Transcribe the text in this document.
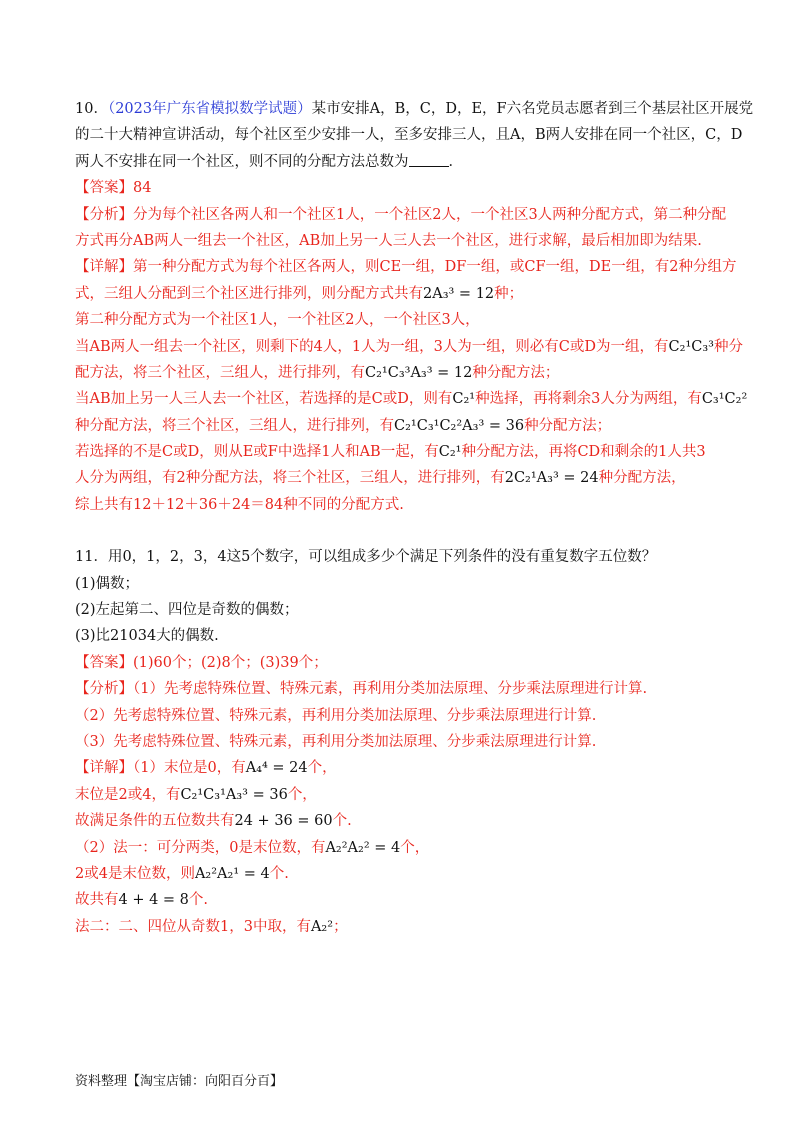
10．（2023年广东省模拟数学试题）某市安排A，B，C，D，E，F六名党员志愿者到三个基层社区开展党
的二十大精神宣讲活动，每个社区至少安排一人，至多安排三人，且A，B两人安排在同一个社区，C，D
两人不安排在同一个社区，则不同的分配方法总数为	．
【答案】84
【分析】分为每个社区各两人和一个社区1人，一个社区2人，一个社区3人两种分配方式，第二种分配
方式再分AB两人一组去一个社区，AB加上另一人三人去一个社区，进行求解，最后相加即为结果.
【详解】第一种分配方式为每个社区各两人，则CE一组，DF一组，或CF一组，DE一组，有2种分组方
式，三组人分配到三个社区进行排列，则分配方式共有2A₃³ = 12种；
第二种分配方式为一个社区1人，一个社区2人，一个社区3人，
当AB两人一组去一个社区，则剩下的4人，1人为一组，3人为一组，则必有C或D为一组，有C₂¹C₃³种分
配方法，将三个社区，三组人，进行排列，有C₂¹C₃³A₃³ = 12种分配方法；
当AB加上另一人三人去一个社区，若选择的是C或D，则有C₂¹种选择，再将剩余3人分为两组，有C₃¹C₂²
种分配方法，将三个社区，三组人，进行排列，有C₂¹C₃¹C₂²A₃³ = 36种分配方法；
若选择的不是C或D，则从E或F中选择1人和AB一起，有C₂¹种分配方法，再将CD和剩余的1人共3
人分为两组，有2种分配方法，将三个社区，三组人，进行排列，有2C₂¹A₃³ = 24种分配方法，
综上共有12＋12＋36＋24＝84种不同的分配方式.
11．用0，1，2，3，4这5个数字，可以组成多少个满足下列条件的没有重复数字五位数？
(1)偶数；
(2)左起第二、四位是奇数的偶数；
(3)比21034大的偶数.
【答案】(1)60个；(2)8个；(3)39个；
【分析】（1）先考虑特殊位置、特殊元素，再利用分类加法原理、分步乘法原理进行计算.
（2）先考虑特殊位置、特殊元素，再利用分类加法原理、分步乘法原理进行计算.
（3）先考虑特殊位置、特殊元素，再利用分类加法原理、分步乘法原理进行计算.
【详解】（1）末位是0，有A₄⁴ = 24个，
末位是2或4，有C₂¹C₃¹A₃³ = 36个，
故满足条件的五位数共有24 + 36 = 60个.
（2）法一：可分两类，0是末位数，有A₂²A₂² = 4个，
2或4是末位数，则A₂²A₂¹ = 4个.
故共有4 + 4 = 8个.
法二：二、四位从奇数1，3中取，有A₂²；
资料整理【淘宝店铺：向阳百分百】
